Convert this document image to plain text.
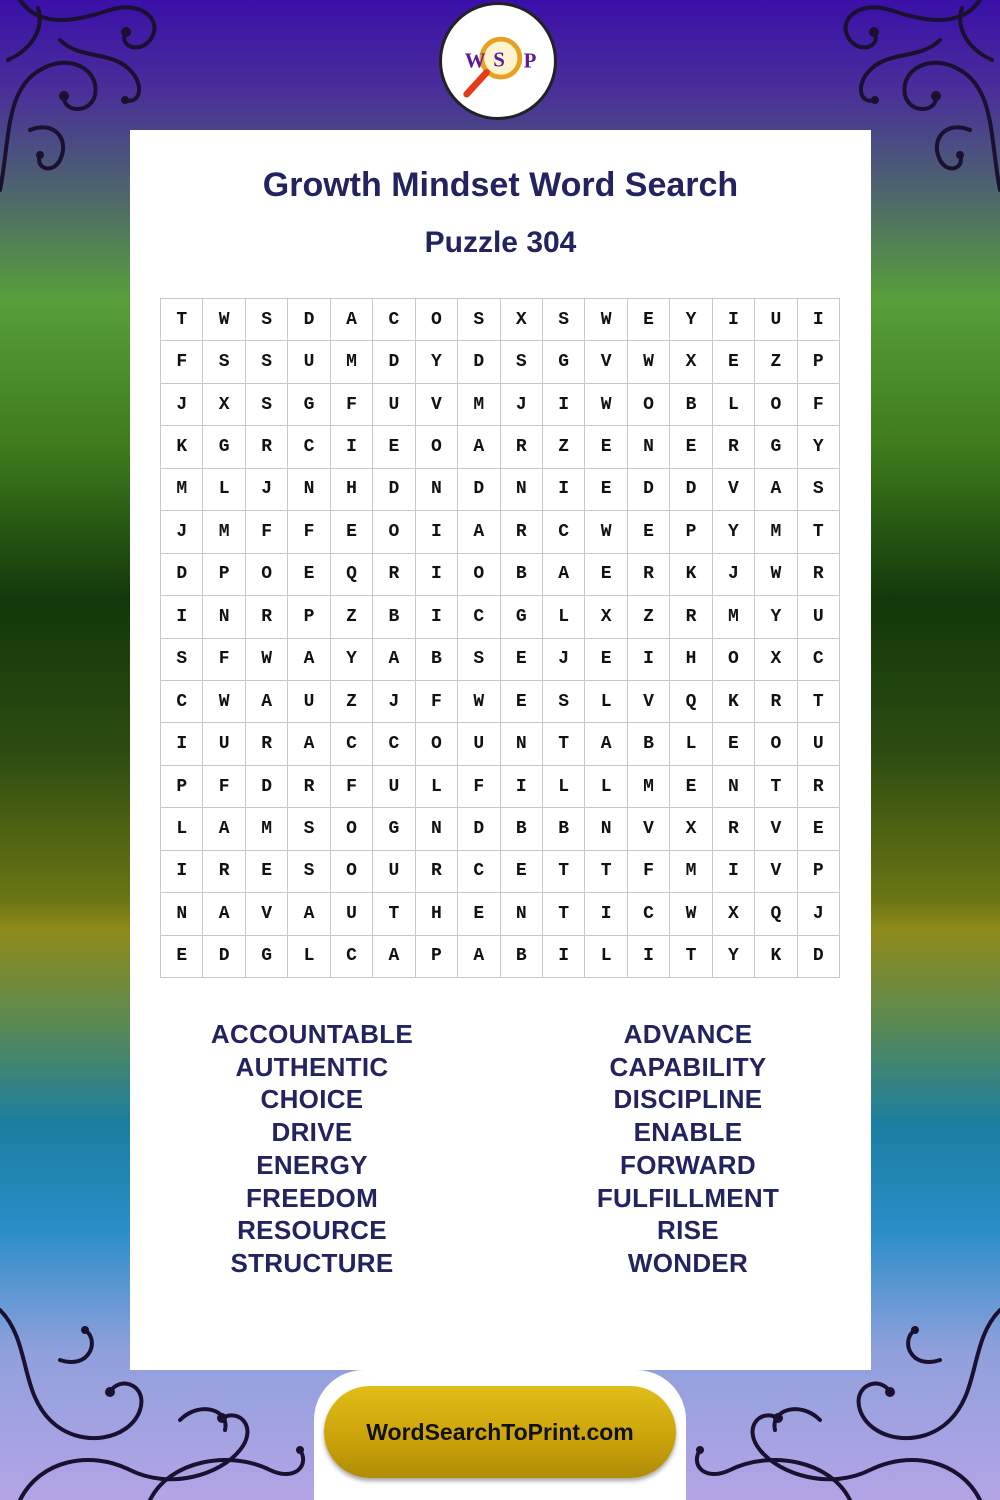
W S P
Growth Mindset Word Search
Puzzle 304
T	W	S	D	A	C	O	S	X	S	W	E	Y	I	U	I
F	S	S	U	M	D	Y	D	S	G	V	W	X	E	Z	P
J	X	S	G	F	U	V	M	J	I	W	O	B	L	O	F
K	G	R	C	I	E	O	A	R	Z	E	N	E	R	G	Y
M	L	J	N	H	D	N	D	N	I	E	D	D	V	A	S
J	M	F	F	E	O	I	A	R	C	W	E	P	Y	M	T
D	P	O	E	Q	R	I	O	B	A	E	R	K	J	W	R
I	N	R	P	Z	B	I	C	G	L	X	Z	R	M	Y	U
S	F	W	A	Y	A	B	S	E	J	E	I	H	O	X	C
C	W	A	U	Z	J	F	W	E	S	L	V	Q	K	R	T
I	U	R	A	C	C	O	U	N	T	A	B	L	E	O	U
P	F	D	R	F	U	L	F	I	L	L	M	E	N	T	R
L	A	M	S	O	G	N	D	B	B	N	V	X	R	V	E
I	R	E	S	O	U	R	C	E	T	T	F	M	I	V	P
N	A	V	A	U	T	H	E	N	T	I	C	W	X	Q	J
E	D	G	L	C	A	P	A	B	I	L	I	T	Y	K	D
ACCOUNTABLE
AUTHENTIC
CHOICE
DRIVE
ENERGY
FREEDOM
RESOURCE
STRUCTURE
ADVANCE
CAPABILITY
DISCIPLINE
ENABLE
FORWARD
FULFILLMENT
RISE
WONDER
WordSearchToPrint.com
